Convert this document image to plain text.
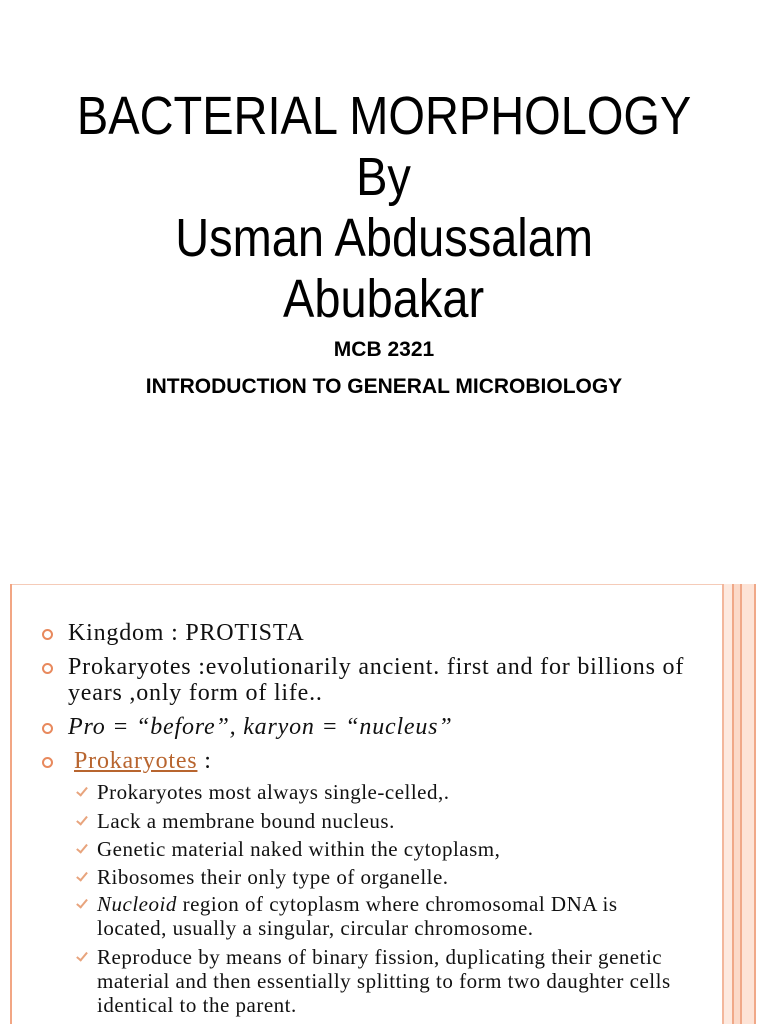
BACTERIAL MORPHOLOGY
By
Usman Abdussalam
Abubakar
MCB 2321
INTRODUCTION TO GENERAL MICROBIOLOGY
Kingdom : PROTISTA
Prokaryotes :evolutionarily ancient. first and for billions of
years ,only form of life..
Pro = “before”, karyon = “nucleus”
Prokaryotes :
Prokaryotes most always single-celled,.
Lack a membrane bound nucleus.
Genetic material naked within the cytoplasm,
Ribosomes their only type of organelle.
Nucleoid region of cytoplasm where chromosomal DNA is
located, usually a singular, circular chromosome.
Reproduce by means of binary fission, duplicating their genetic
material and then essentially splitting to form two daughter cells
identical to the parent.
